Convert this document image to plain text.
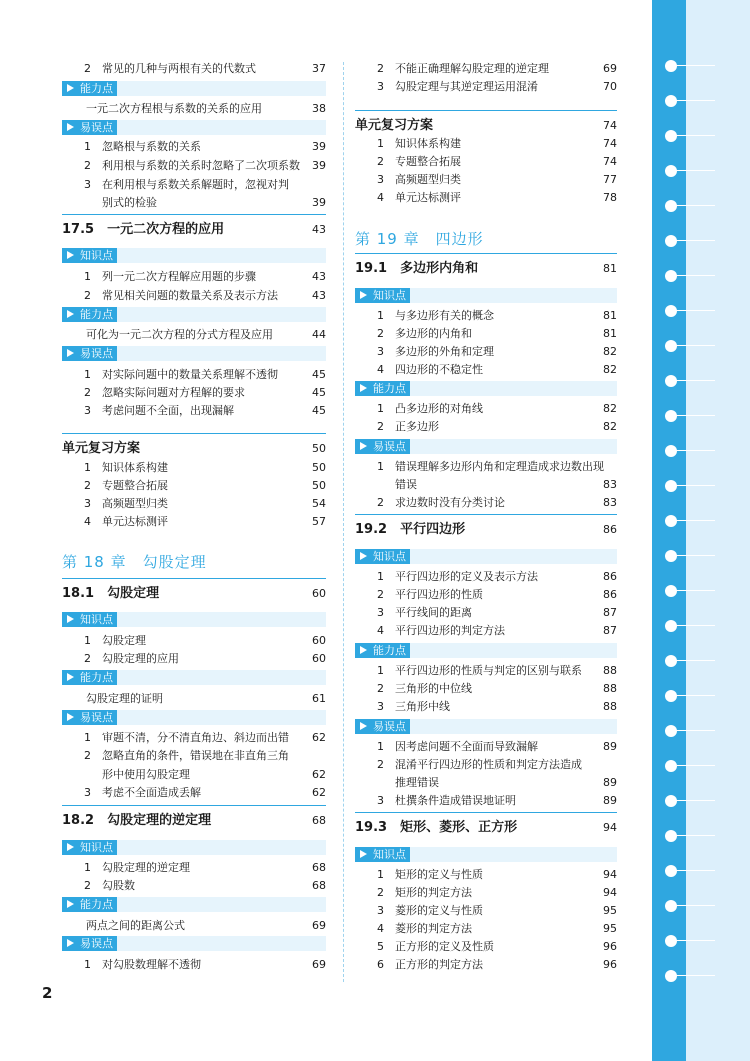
2 常见的几种与两根有关的代数式	37
能力点
一元二次方程根与系数的关系的应用	38
易误点
1 忽略根与系数的关系	39
2 利用根与系数的关系时忽略了二次项系数 39
3 在利用根与系数关系解题时，忽视对判
别式的检验	39
17.5　一元二次方程的应用	43
知识点
1 列一元二次方程解应用题的步骤	43
2 常见相关问题的数量关系及表示方法	43
能力点
可化为一元二次方程的分式方程及应用	44
易误点
1 对实际问题中的数量关系理解不透彻	45
2 忽略实际问题对方程解的要求	45
3 考虑问题不全面，出现漏解	45
单元复习方案	50
1 知识体系构建	50
2 专题整合拓展	50
3 高频题型归类	54
4 单元达标测评	57
第 18 章　勾股定理
18.1　勾股定理	60
知识点
1 勾股定理	60
2 勾股定理的应用	60
能力点
勾股定理的证明	61
易误点
1 审题不清，分不清直角边、斜边而出错 62
2 忽略直角的条件，错误地在非直角三角
形中使用勾股定理	62
3 考虑不全面造成丢解	62
18.2　勾股定理的逆定理	68
知识点
1 勾股定理的逆定理	68
2 勾股数	68
能力点
两点之间的距离公式	69
易误点
1 对勾股数理解不透彻	69
2 不能正确理解勾股定理的逆定理	69
3 勾股定理与其逆定理运用混淆	70
单元复习方案	74
1 知识体系构建	74
2 专题整合拓展	74
3 高频题型归类	77
4 单元达标测评	78
第 19 章　四边形
19.1　多边形内角和	81
知识点
1 与多边形有关的概念	81
2 多边形的内角和	81
3 多边形的外角和定理	82
4 四边形的不稳定性	82
能力点
1 凸多边形的对角线	82
2 正多边形	82
易误点
1 错误理解多边形内角和定理造成求边数出现
错误	83
2 求边数时没有分类讨论	83
19.2　平行四边形	86
知识点
1 平行四边形的定义及表示方法	86
2 平行四边形的性质	86
3 平行线间的距离	87
4 平行四边形的判定方法	87
能力点
1 平行四边形的性质与判定的区别与联系 88
2 三角形的中位线	88
3 三角形中线	88
易误点
1 因考虑问题不全面而导致漏解	89
2 混淆平行四边形的性质和判定方法造成
推理错误	89
3 杜撰条件造成错误地证明	89
19.3　矩形、菱形、正方形	94
知识点
1 矩形的定义与性质	94
2 矩形的判定方法	94
3 菱形的定义与性质	95
4 菱形的判定方法	95
5 正方形的定义及性质	96
6 正方形的判定方法	96
2
